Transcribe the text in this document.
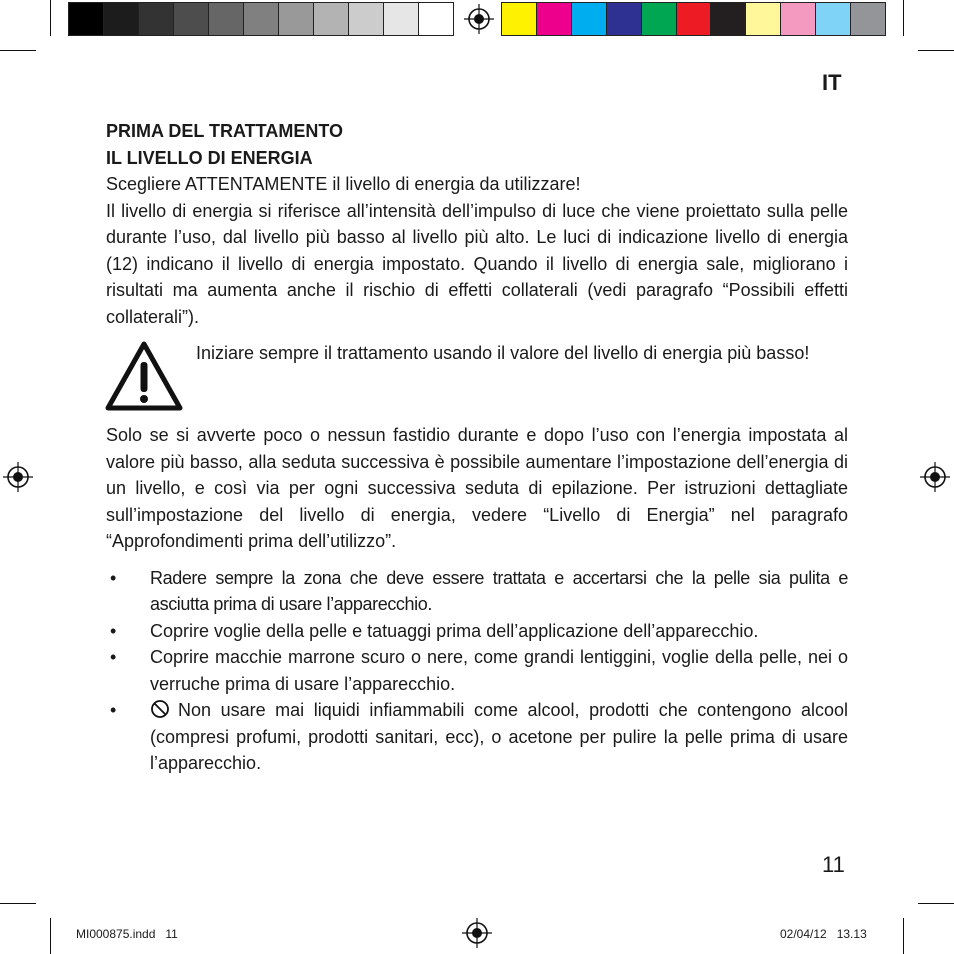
IT

PRIMA DEL TRATTAMENTO

IL LIVELLO DI ENERGIA

Scegliere ATTENTAMENTE il livello di energia da utilizzare!

Il livello di energia si riferisce all’intensità dell’impulso di luce che viene proiettato sulla pelle durante l’uso, dal livello più basso al livello più alto. Le luci di indicazione livello di energia (12) indicano il livello di energia impostato. Quando il livello di energia sale, migliorano i risultati ma aumenta anche il rischio di effetti collaterali (vedi paragrafo “Possibili effetti collaterali”).

Iniziare sempre il trattamento usando il valore del livello di energia più basso!

Solo se si avverte poco o nessun fastidio durante e dopo l’uso con l’energia impostata al valore più basso, alla seduta successiva è possibile aumentare l’impostazione dell’energia di un livello, e così via per ogni successiva seduta di epilazione. Per istruzioni dettagliate sull’impostazione del livello di energia, vedere “Livello di Energia” nel paragrafo “Approfondimenti prima dell’utilizzo”.

• Radere sempre la zona che deve essere trattata e accertarsi che la pelle sia pulita e asciutta prima di usare l’apparecchio.
• Coprire voglie della pelle e tatuaggi prima dell’applicazione dell’apparecchio.
• Coprire macchie marrone scuro o nere, come grandi lentiggini, voglie della pelle, nei o verruche prima di usare l’apparecchio.
•	Non usare mai liquidi infiammabili come alcool, prodotti che contengono alcool (compresi profumi, prodotti sanitari, ecc), o acetone per pulire la pelle prima di usare l’apparecchio.
11
MI000875.indd   11	02/04/12   13.13
